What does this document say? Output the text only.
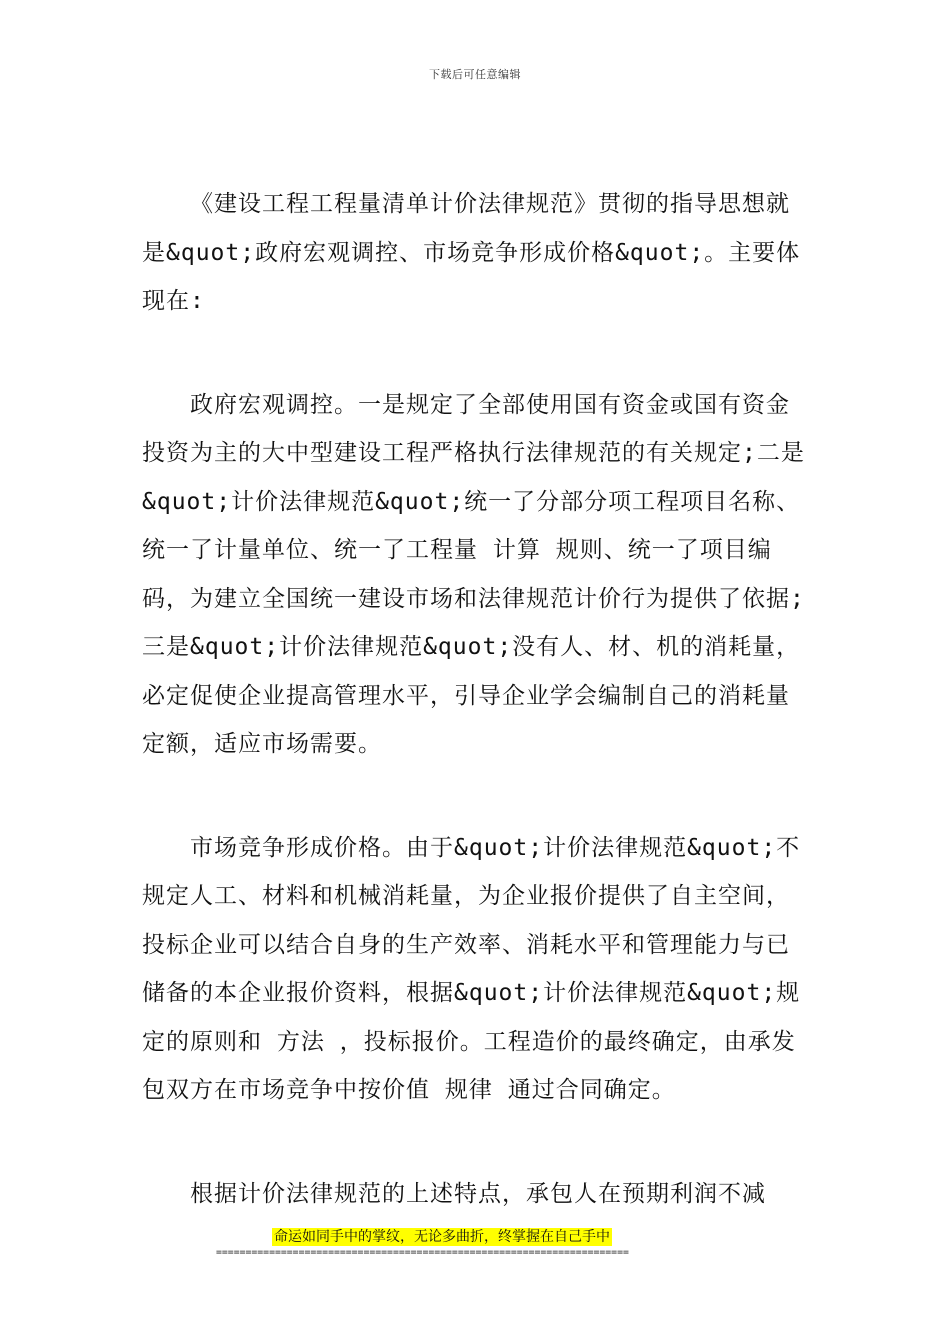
下载后可任意编辑

《建设工程工程量清单计价法律规范》贯彻的指导思想就是&quot;政府宏观调控、市场竞争形成价格&quot;。主要体现在:

政府宏观调控。一是规定了全部使用国有资金或国有资金投资为主的大中型建设工程严格执行法律规范的有关规定;二是&quot;计价法律规范&quot;统一了分部分项工程项目名称、统一了计量单位、统一了工程量 计算 规则、统一了项目编码，为建立全国统一建设市场和法律规范计价行为提供了依据; 三是&quot;计价法律规范&quot;没有人、材、机的消耗量，必定促使企业提高管理水平，引导企业学会编制自己的消耗量定额，适应市场需要。

市场竞争形成价格。由于&quot;计价法律规范&quot;不规定人工、材料和机械消耗量，为企业报价提供了自主空间，投标企业可以结合自身的生产效率、消耗水平和管理能力与已储备的本企业报价资料，根据&quot;计价法律规范&quot;规定的原则和 方法 ，投标报价。工程造价的最终确定，由承发包双方在市场竞争中按价值 规律 通过合同确定。

根据计价法律规范的上述特点，承包人在预期利润不减

命运如同手中的掌纹，无论多曲折，终掌握在自己手中
======================================================================
